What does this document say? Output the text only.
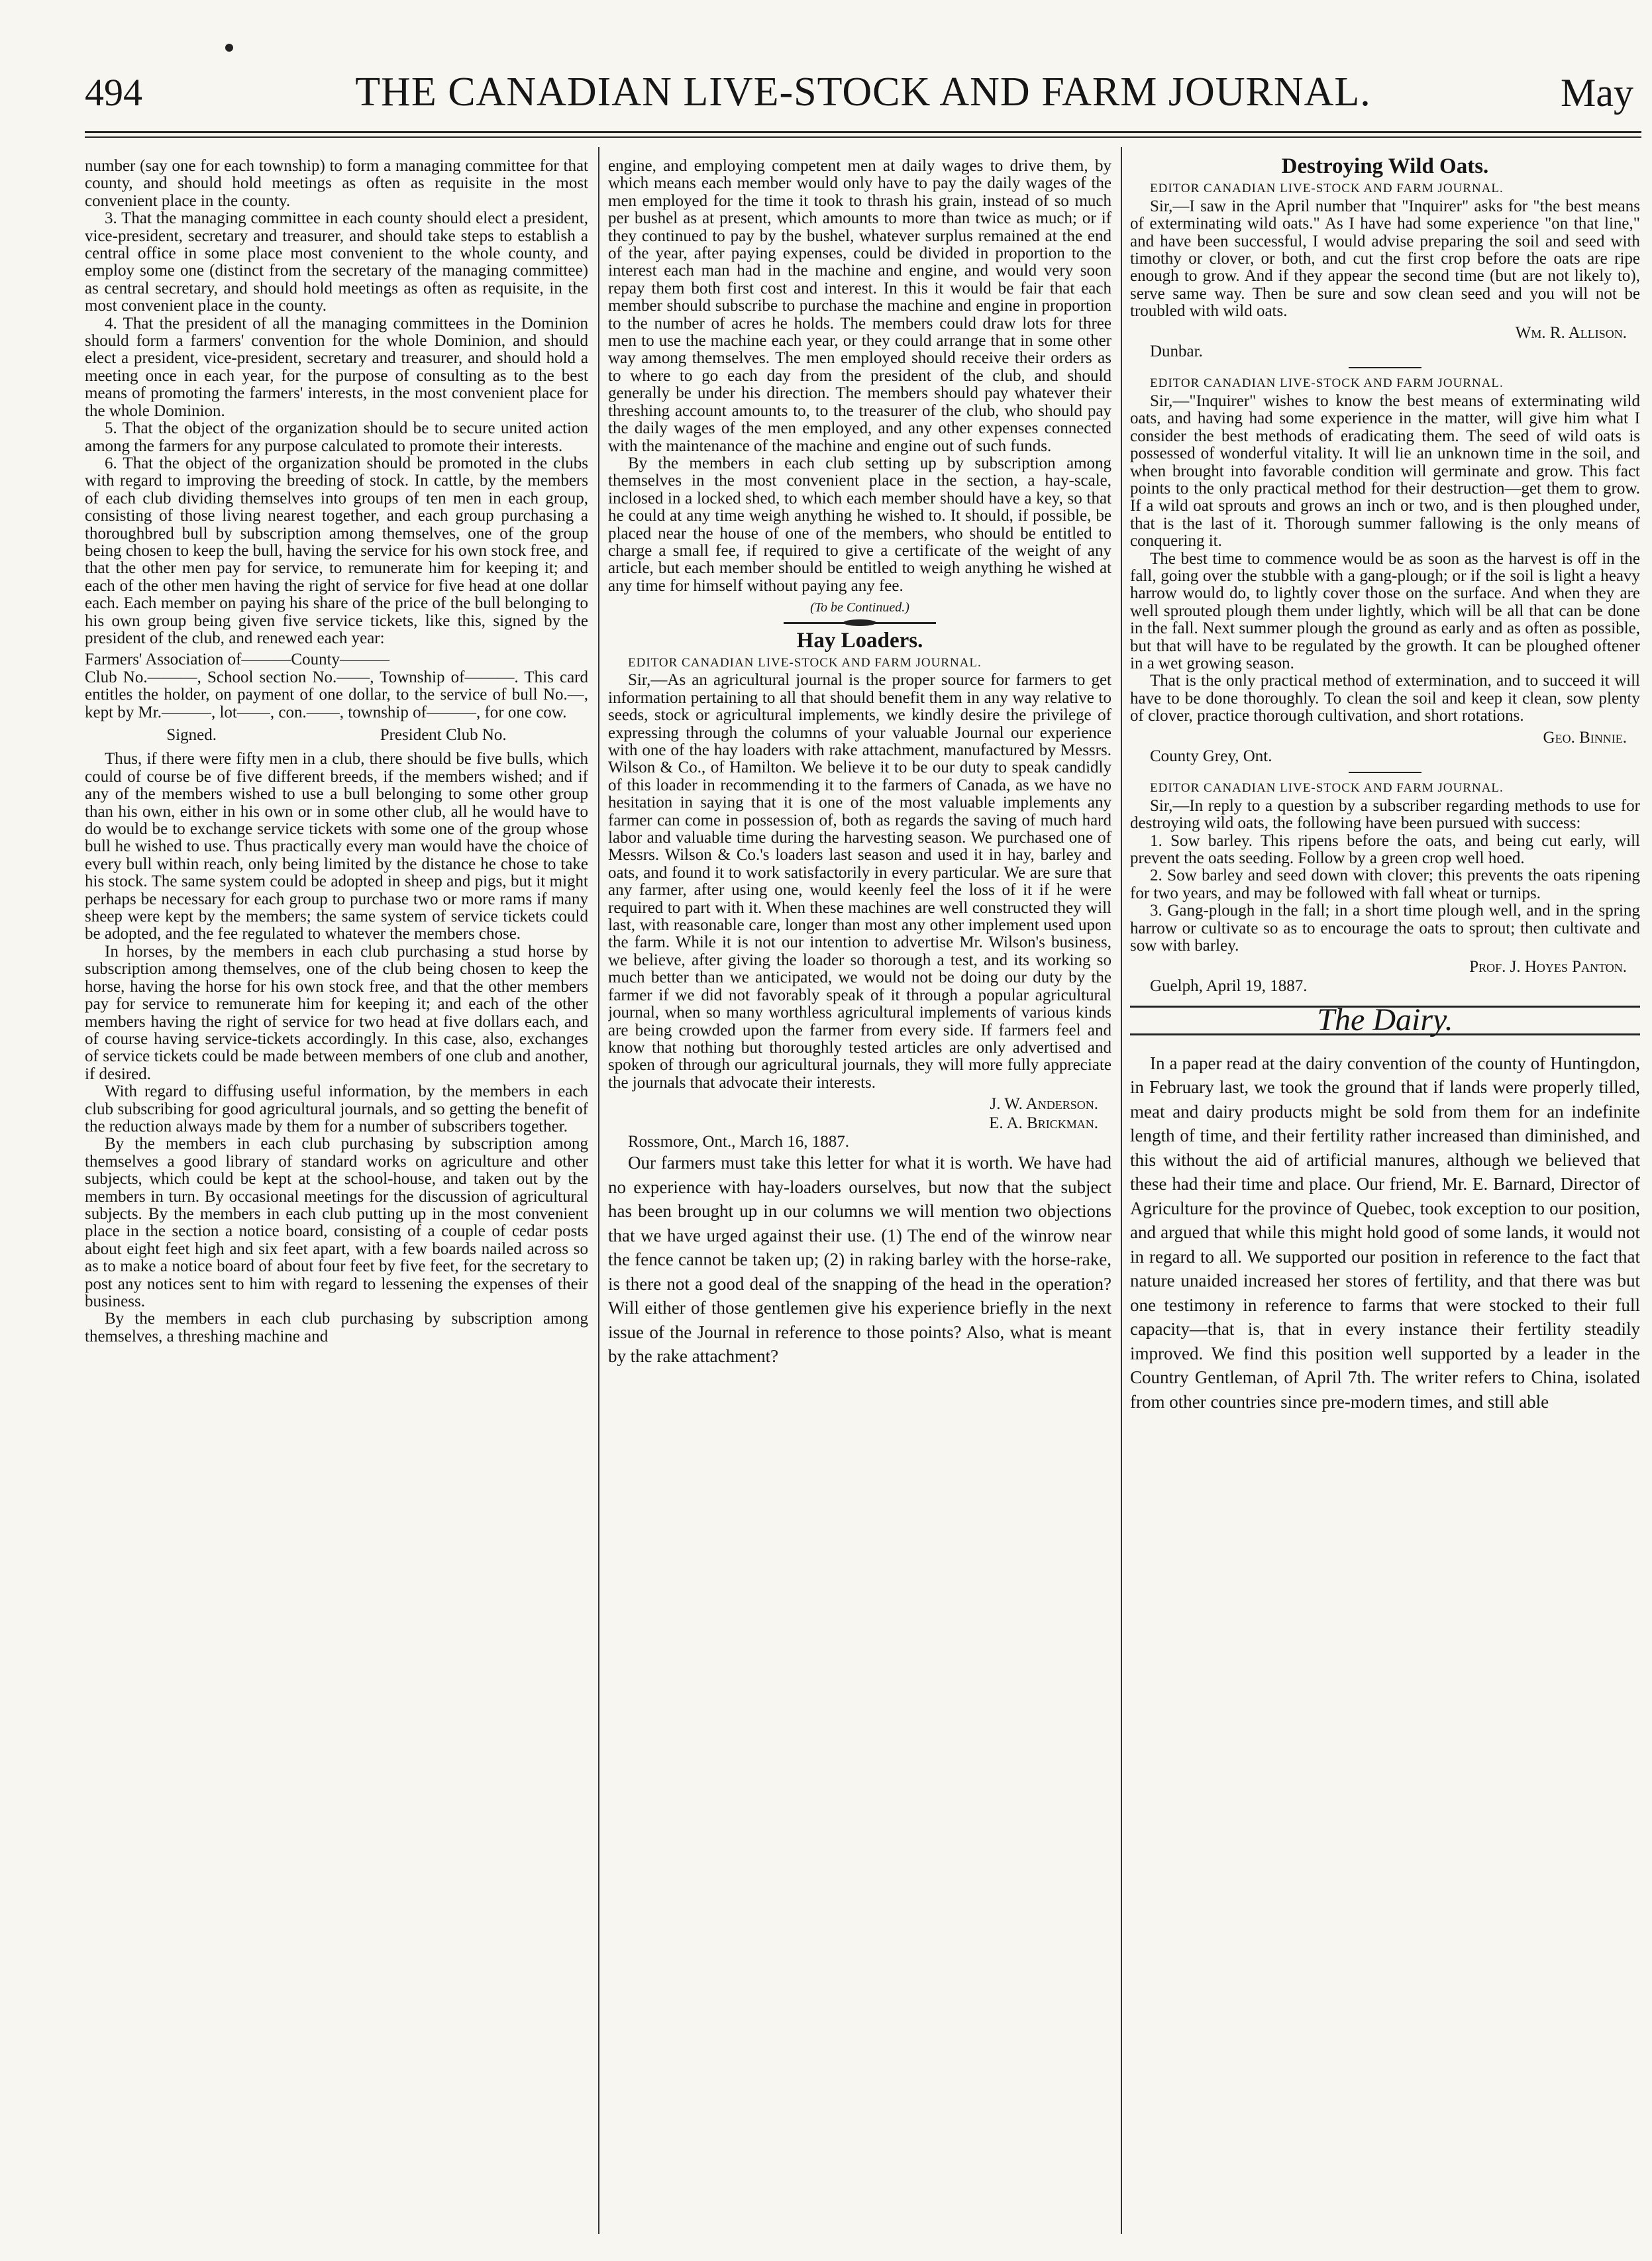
494	THE CANADIAN LIVE-STOCK AND FARM JOURNAL.	May

number (say one for each township) to form a managing committee for that county, and should hold meetings as often as requisite in the most convenient place in the county.

3. That the managing committee in each county should elect a president, vice-president, secretary and treasurer, and should take steps to establish a central office in some place most convenient to the whole county, and employ some one (distinct from the secretary of the managing committee) as central secretary, and should hold meetings as often as requisite, in the most convenient place in the county.

4. That the president of all the managing committees in the Dominion should form a farmers' convention for the whole Dominion, and should elect a president, vice-president, secretary and treasurer, and should hold a meeting once in each year, for the purpose of consulting as to the best means of promoting the farmers' interests, in the most convenient place for the whole Dominion.

5. That the object of the organization should be to secure united action among the farmers for any purpose calculated to promote their interests.

6. That the object of the organization should be promoted in the clubs with regard to improving the breeding of stock. In cattle, by the members of each club dividing themselves into groups of ten men in each group, consisting of those living nearest together, and each group purchasing a thoroughbred bull by subscription among themselves, one of the group being chosen to keep the bull, having the service for his own stock free, and that the other men pay for service, to remunerate him for keeping it; and each of the other men having the right of service for five head at one dollar each. Each member on paying his share of the price of the bull belonging to his own group being given five service tickets, like this, signed by the president of the club, and renewed each year:

Farmers' Association of———County———
Club No.———, School section No.——, Township of———. This card entitles the holder, on payment of one dollar, to the service of bull No.—, kept by Mr.———, lot——, con.——, township of———, for one cow.
Signed.	President Club No.

Thus, if there were fifty men in a club, there should be five bulls, which could of course be of five different breeds, if the members wished; and if any of the members wished to use a bull belonging to some other group than his own, either in his own or in some other club, all he would have to do would be to exchange service tickets with some one of the group whose bull he wished to use. Thus practically every man would have the choice of every bull within reach, only being limited by the distance he chose to take his stock. The same system could be adopted in sheep and pigs, but it might perhaps be necessary for each group to purchase two or more rams if many sheep were kept by the members; the same system of service tickets could be adopted, and the fee regulated to whatever the members chose.

In horses, by the members in each club purchasing a stud horse by subscription among themselves, one of the club being chosen to keep the horse, having the horse for his own stock free, and that the other members pay for service to remunerate him for keeping it; and each of the other members having the right of service for two head at five dollars each, and of course having service-tickets accordingly. In this case, also, exchanges of service tickets could be made between members of one club and another, if desired.

With regard to diffusing useful information, by the members in each club subscribing for good agricultural journals, and so getting the benefit of the reduction always made by them for a number of subscribers together.

By the members in each club purchasing by subscription among themselves a good library of standard works on agriculture and other subjects, which could be kept at the school-house, and taken out by the members in turn. By occasional meetings for the discussion of agricultural subjects. By the members in each club putting up in the most convenient place in the section a notice board, consisting of a couple of cedar posts about eight feet high and six feet apart, with a few boards nailed across so as to make a notice board of about four feet by five feet, for the secretary to post any notices sent to him with regard to lessening the expenses of their business.

By the members in each club purchasing by subscription among themselves, a threshing machine and

engine, and employing competent men at daily wages to drive them, by which means each member would only have to pay the daily wages of the men employed for the time it took to thrash his grain, instead of so much per bushel as at present, which amounts to more than twice as much; or if they continued to pay by the bushel, whatever surplus remained at the end of the year, after paying expenses, could be divided in proportion to the interest each man had in the machine and engine, and would very soon repay them both first cost and interest. In this it would be fair that each member should subscribe to purchase the machine and engine in proportion to the number of acres he holds. The members could draw lots for three men to use the machine each year, or they could arrange that in some other way among themselves. The men employed should receive their orders as to where to go each day from the president of the club, and should generally be under his direction. The members should pay whatever their threshing account amounts to, to the treasurer of the club, who should pay the daily wages of the men employed, and any other expenses connected with the maintenance of the machine and engine out of such funds.

By the members in each club setting up by subscription among themselves in the most convenient place in the section, a hay-scale, inclosed in a locked shed, to which each member should have a key, so that he could at any time weigh anything he wished to. It should, if possible, be placed near the house of one of the members, who should be entitled to charge a small fee, if required to give a certificate of the weight of any article, but each member should be entitled to weigh anything he wished at any time for himself without paying any fee.

(To be Continued.)
Hay Loaders.

EDITOR CANADIAN LIVE-STOCK AND FARM JOURNAL.

Sir,—As an agricultural journal is the proper source for farmers to get information pertaining to all that should benefit them in any way relative to seeds, stock or agricultural implements, we kindly desire the privilege of expressing through the columns of your valuable Journal our experience with one of the hay loaders with rake attachment, manufactured by Messrs. Wilson & Co., of Hamilton. We believe it to be our duty to speak candidly of this loader in recommending it to the farmers of Canada, as we have no hesitation in saying that it is one of the most valuable implements any farmer can come in possession of, both as regards the saving of much hard labor and valuable time during the harvesting season. We purchased one of Messrs. Wilson & Co.'s loaders last season and used it in hay, barley and oats, and found it to work satisfactorily in every particular. We are sure that any farmer, after using one, would keenly feel the loss of it if he were required to part with it. When these machines are well constructed they will last, with reasonable care, longer than most any other implement used upon the farm. While it is not our intention to advertise Mr. Wilson's business, we believe, after giving the loader so thorough a test, and its working so much better than we anticipated, we would not be doing our duty by the farmer if we did not favorably speak of it through a popular agricultural journal, when so many worthless agricultural implements of various kinds are being crowded upon the farmer from every side. If farmers feel and know that nothing but thoroughly tested articles are only advertised and spoken of through our agricultural journals, they will more fully appreciate the journals that advocate their interests.

J. W. Anderson.
E. A. Brickman.

Rossmore, Ont., March 16, 1887.

Our farmers must take this letter for what it is worth. We have had no experience with hay-loaders ourselves, but now that the subject has been brought up in our columns we will mention two objections that we have urged against their use. (1) The end of the winrow near the fence cannot be taken up; (2) in raking barley with the horse-rake, is there not a good deal of the snapping of the head in the operation? Will either of those gentlemen give his experience briefly in the next issue of the Journal in reference to those points? Also, what is meant by the rake attachment?

Destroying Wild Oats.

EDITOR CANADIAN LIVE-STOCK AND FARM JOURNAL.

Sir,—I saw in the April number that "Inquirer" asks for "the best means of exterminating wild oats." As I have had some experience "on that line," and have been successful, I would advise preparing the soil and seed with timothy or clover, or both, and cut the first crop before the oats are ripe enough to grow. And if they appear the second time (but are not likely to), serve same way. Then be sure and sow clean seed and you will not be troubled with wild oats.

Wm. R. Allison.

Dunbar.

EDITOR CANADIAN LIVE-STOCK AND FARM JOURNAL.

Sir,—"Inquirer" wishes to know the best means of exterminating wild oats, and having had some experience in the matter, will give him what I consider the best methods of eradicating them. The seed of wild oats is possessed of wonderful vitality. It will lie an unknown time in the soil, and when brought into favorable condition will germinate and grow. This fact points to the only practical method for their destruction—get them to grow. If a wild oat sprouts and grows an inch or two, and is then ploughed under, that is the last of it. Thorough summer fallowing is the only means of conquering it.

The best time to commence would be as soon as the harvest is off in the fall, going over the stubble with a gang-plough; or if the soil is light a heavy harrow would do, to lightly cover those on the surface. And when they are well sprouted plough them under lightly, which will be all that can be done in the fall. Next summer plough the ground as early and as often as possible, but that will have to be regulated by the growth. It can be ploughed oftener in a wet growing season.

That is the only practical method of extermination, and to succeed it will have to be done thoroughly. To clean the soil and keep it clean, sow plenty of clover, practice thorough cultivation, and short rotations.

Geo. Binnie.

County Grey, Ont.

EDITOR CANADIAN LIVE-STOCK AND FARM JOURNAL.

Sir,—In reply to a question by a subscriber regarding methods to use for destroying wild oats, the following have been pursued with success:

1. Sow barley. This ripens before the oats, and being cut early, will prevent the oats seeding. Follow by a green crop well hoed.

2. Sow barley and seed down with clover; this prevents the oats ripening for two years, and may be followed with fall wheat or turnips.

3. Gang-plough in the fall; in a short time plough well, and in the spring harrow or cultivate so as to encourage the oats to sprout; then cultivate and sow with barley.

Prof. J. Hoyes Panton.

Guelph, April 19, 1887.

The Dairy.

In a paper read at the dairy convention of the county of Huntingdon, in February last, we took the ground that if lands were properly tilled, meat and dairy products might be sold from them for an indefinite length of time, and their fertility rather increased than diminished, and this without the aid of artificial manures, although we believed that these had their time and place. Our friend, Mr. E. Barnard, Director of Agriculture for the province of Quebec, took exception to our position, and argued that while this might hold good of some lands, it would not in regard to all. We supported our position in reference to the fact that nature unaided increased her stores of fertility, and that there was but one testimony in reference to farms that were stocked to their full capacity—that is, that in every instance their fertility steadily improved. We find this position well supported by a leader in the Country Gentleman, of April 7th. The writer refers to China, isolated from other countries since pre-modern times, and still able
